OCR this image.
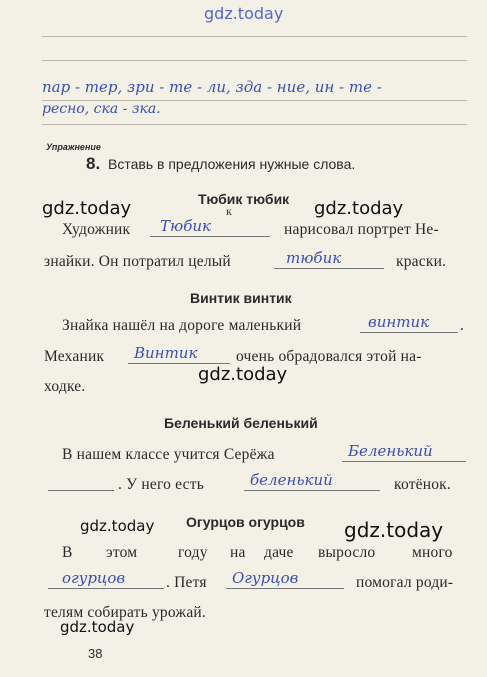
gdz.today
пар - тер, зри - те - ли, зда - ние, ин - те -
ресно, ска - зка.
Упражнение
8. Вставь в предложения нужные слова.
Тюбик тюбик
к
gdz.today	gdz.today
Художник Тюбик	нарисовал портрет Не-
знайки. Он потратил целый	тюбик	краски.
Винтик винтик
Знайка нашёл на дороге маленький	винтик .
Механик Винтик очень обрадовался этой на-
ходке.
gdz.today
Беленький беленький
В нашем классе учится Серёжа	Беленький
. У него есть	беленький	котёнок.
gdz.today Огурцов огурцов gdz.today
В этом	году на даче выросло много
огурцов	. Петя Огурцов	помогал роди-
телям собирать урожай.
gdz.today
38
